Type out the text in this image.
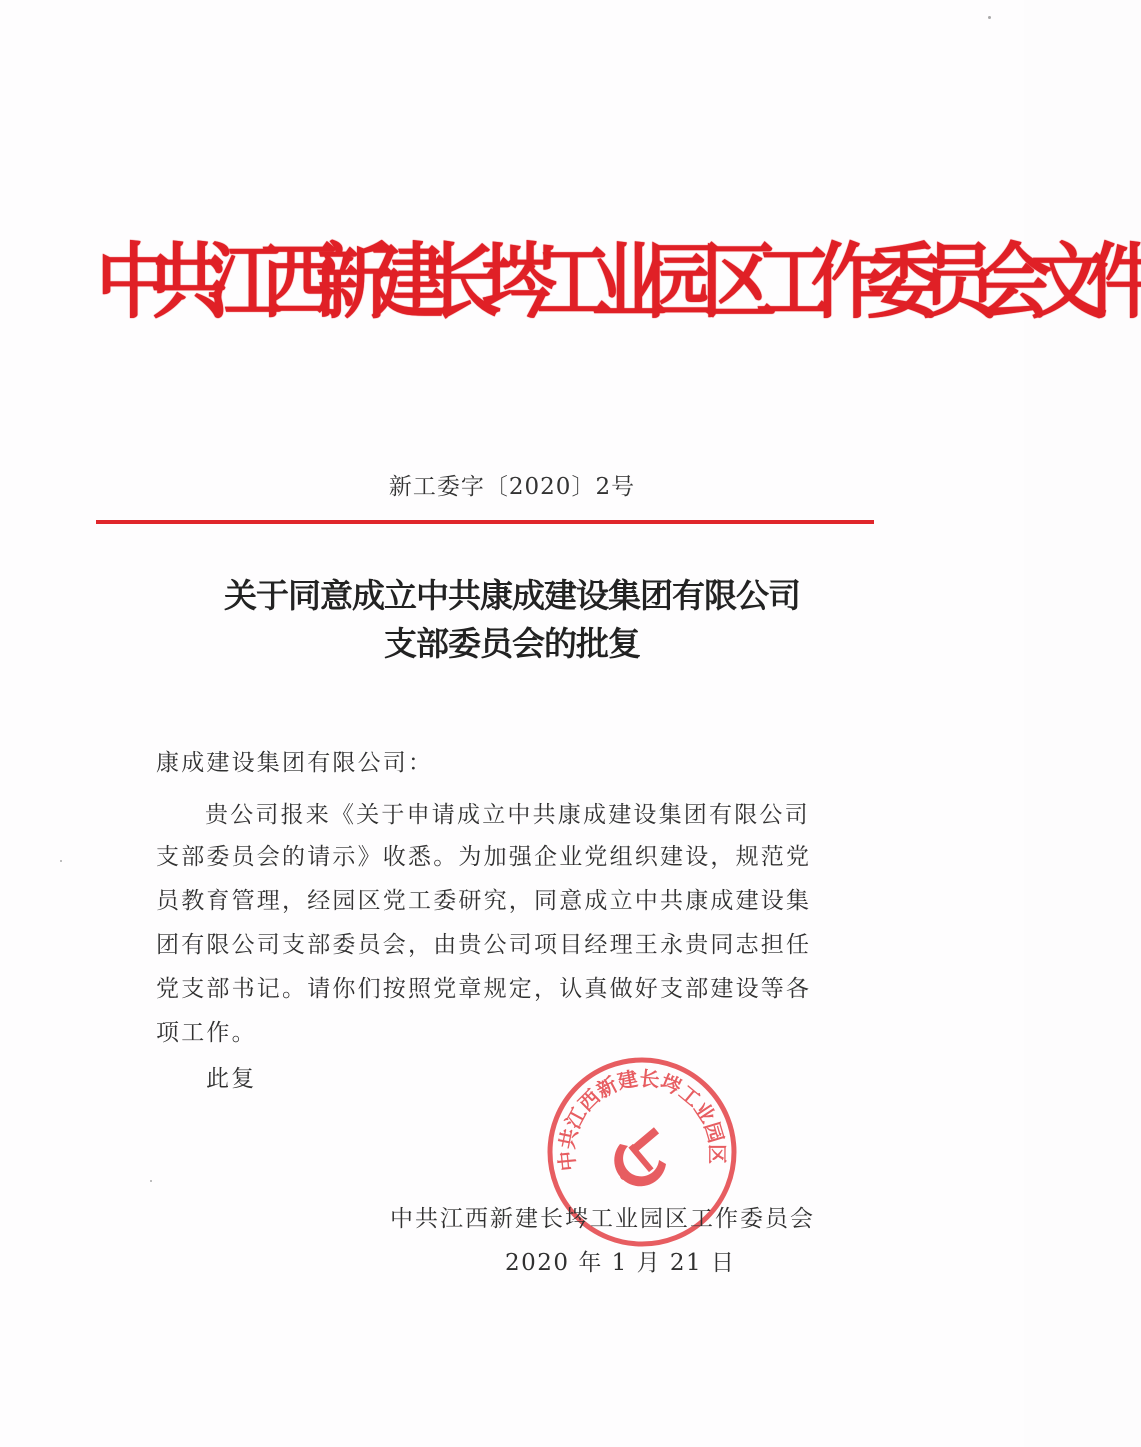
中共江西新建长埁工业园区工作委员会文件
新工委字〔2020〕2号
关于同意成立中共康成建设集团有限公司
支部委员会的批复
康成建设集团有限公司：
贵公司报来《关于申请成立中共康成建设集团有限公司
支部委员会的请示》收悉。为加强企业党组织建设，规范党
员教育管理，经园区党工委研究，同意成立中共康成建设集
团有限公司支部委员会，由贵公司项目经理王永贵同志担任
党支部书记。请你们按照党章规定，认真做好支部建设等各
项工作。
此复
中共江西新建长埁工业园区
中共江西新建长埁工业园区工作委员会
2020 年 1 月 21 日
